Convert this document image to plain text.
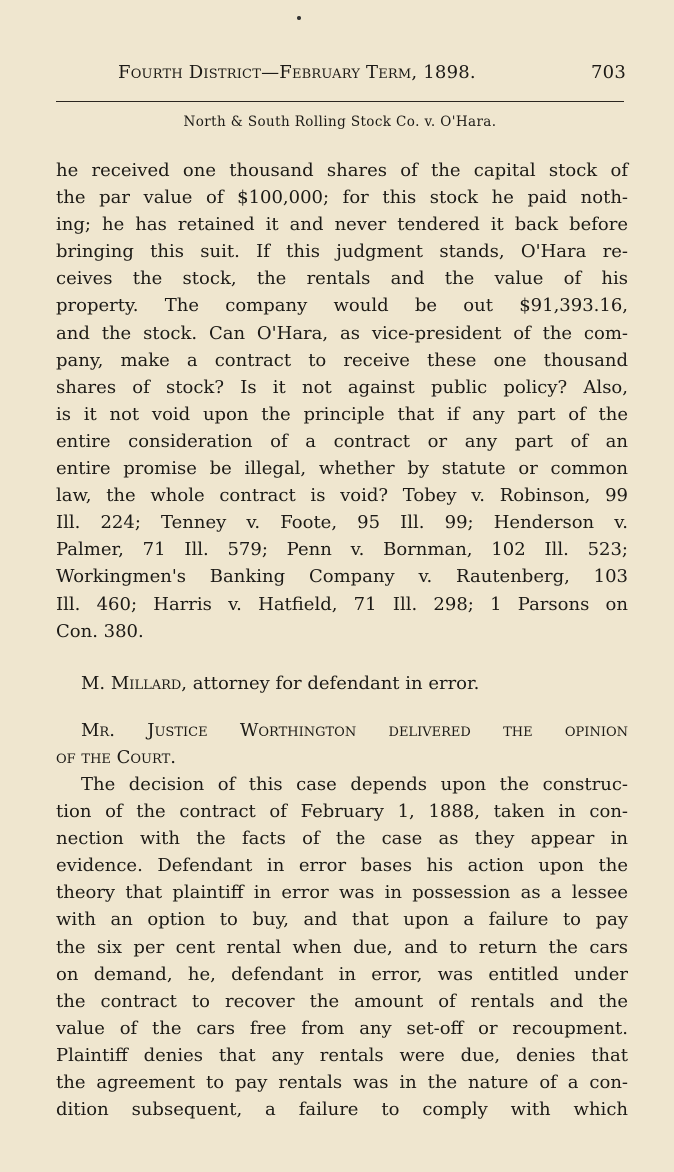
Fourth District—February Term, 1898.	703
North & South Rolling Stock Co. v. O'Hara.
he received one thousand shares of the capital stock of
the par value of $100,000; for this stock he paid noth-
ing; he has retained it and never tendered it back before
bringing this suit. If this judgment stands, O'Hara re-
ceives the stock, the rentals and the value of his
property. The company would be out $91,393.16,
and the stock. Can O'Hara, as vice-president of the com-
pany, make a contract to receive these one thousand
shares of stock? Is it not against public policy? Also,
is it not void upon the principle that if any part of the
entire consideration of a contract or any part of an
entire promise be illegal, whether by statute or common
law, the whole contract is void? Tobey v. Robinson, 99
Ill. 224; Tenney v. Foote, 95 Ill. 99; Henderson v.
Palmer, 71 Ill. 579; Penn v. Bornman, 102 Ill. 523;
Workingmen's Banking Company v. Rautenberg, 103
Ill. 460; Harris v. Hatfield, 71 Ill. 298; 1 Parsons on
Con. 380.
M. Millard, attorney for defendant in error.
Mr. Justice Worthington delivered the opinion
of the Court.
The decision of this case depends upon the construc-
tion of the contract of February 1, 1888, taken in con-
nection with the facts of the case as they appear in
evidence. Defendant in error bases his action upon the
theory that plaintiff in error was in possession as a lessee
with an option to buy, and that upon a failure to pay
the six per cent rental when due, and to return the cars
on demand, he, defendant in error, was entitled under
the contract to recover the amount of rentals and the
value of the cars free from any set-off or recoupment.
Plaintiff denies that any rentals were due, denies that
the agreement to pay rentals was in the nature of a con-
dition subsequent, a failure to comply with which
